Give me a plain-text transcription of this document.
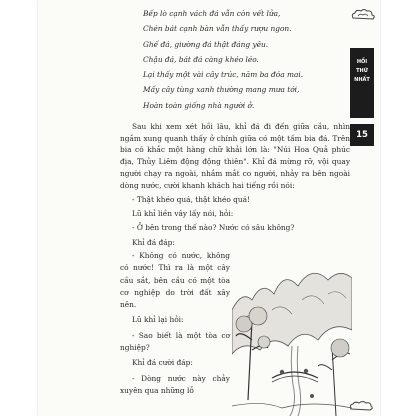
HỒI
THỨ
NHẤT
15

Bếp lò cạnh vách đá vẫn còn vết lửa,

Chén bát cạnh bàn vẫn thấy rượu ngon.

Ghế đá, giường đá thật đáng yêu.

Chậu đá, bát đá càng khéo léo.

Lại thấy một vài cây trúc, năm ba đóa mai.

Mấy cây tùng xanh thường mang mưa tới,

Hoàn toàn giống nhà người ở.

Sau khi xem xét hồi lâu, khỉ đá đi đến giữa cầu, nhìn ngắm xung quanh thấy ở chính giữa có một tấm bia đá. Trên bia có khắc một hàng chữ khải lớn là: "Núi Hoa Quả phúc địa, Thủy Liêm động động thiên". Khỉ đá mừng rỡ, vội quay người chạy ra ngoài, nhắm mắt co người, nhảy ra bên ngoài dòng nước, cười khanh khách hai tiếng rồi nói:

- Thật khéo quá, thật khéo quá!

Lũ khỉ liền vây lấy nói, hỏi:

- Ở bên trong thế nào? Nước có sâu không?

Khỉ đá đáp:

- Không có nước, không có nước! Thì ra là một cây cầu sắt, bên cầu có một tòa cơ nghiệp do trời đất xây nên.

Lũ khỉ lại hỏi:

- Sao biết là một tòa cơ nghiệp?

Khỉ đá cười đáp:

- Dòng nước này chảy xuyên qua những lỗ
